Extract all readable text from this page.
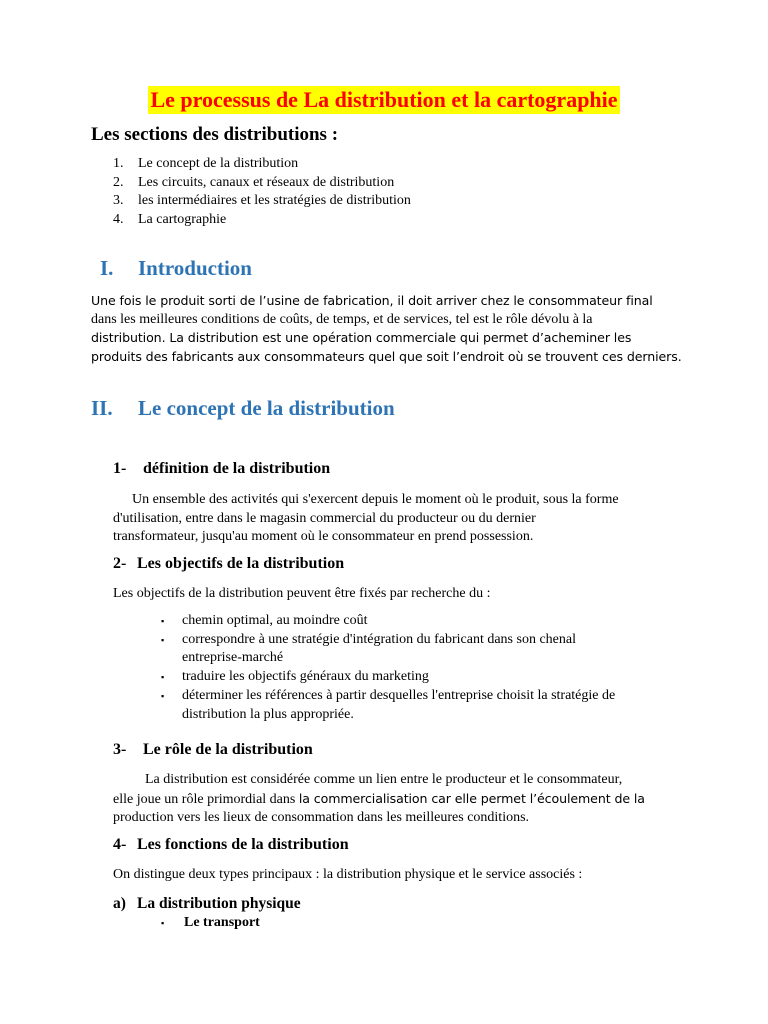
Le processus de La distribution et la cartographie
Les sections des distributions :
1.	Le concept de la distribution
2.	Les circuits, canaux et réseaux de distribution
3.	les intermédiaires et les stratégies de distribution
4.	La cartographie
I. Introduction

Une fois le produit sorti de l’usine de fabrication, il doit arriver chez le consommateur final
dans les meilleures conditions de coûts, de temps, et de services, tel est le rôle dévolu à la
distribution. La distribution est une opération commerciale qui permet d’acheminer les
produits des fabricants aux consommateurs quel que soit l’endroit où se trouvent ces derniers.

II. Le concept de la distribution
1- définition de la distribution

Un ensemble des activités qui s'exercent depuis le moment où le produit, sous la forme
d'utilisation, entre dans le magasin commercial du producteur ou du dernier
transformateur, jusqu'au moment où le consommateur en prend possession.

2- Les objectifs de la distribution

Les objectifs de la distribution peuvent être fixés par recherche du :

▪	chemin optimal, au moindre coût
▪	correspondre à une stratégie d'intégration du fabricant dans son chenal
entreprise-marché
▪	traduire les objectifs généraux du marketing
▪	déterminer les références à partir desquelles l'entreprise choisit la stratégie de
distribution la plus appropriée.
3- Le rôle de la distribution

La distribution est considérée comme un lien entre le producteur et le consommateur,
elle joue un rôle primordial dans la commercialisation car elle permet l’écoulement de la
production vers les lieux de consommation dans les meilleures conditions.

4- Les fonctions de la distribution

On distingue deux types principaux : la distribution physique et le service associés :

a) La distribution physique
▪	Le transport
